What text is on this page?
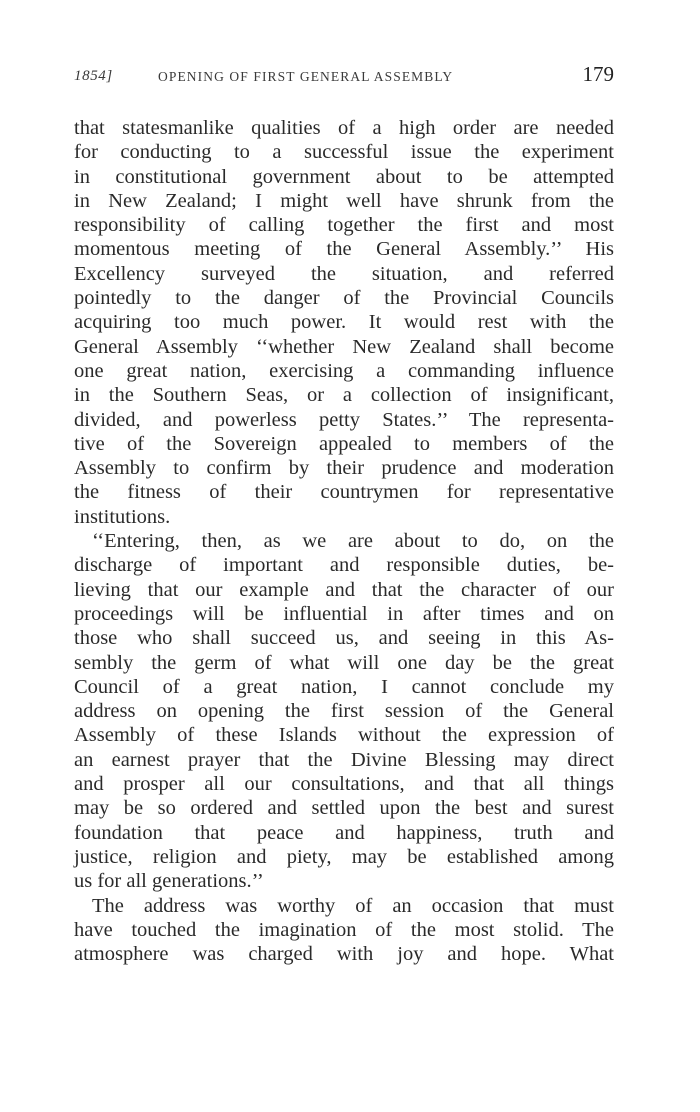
1854]	OPENING OF FIRST GENERAL ASSEMBLY	179
that statesmanlike qualities of a high order are needed
for conducting to a successful issue the experiment
in constitutional government about to be attempted
in New Zealand; I might well have shrunk from the
responsibility of calling together the first and most
momentous meeting of the General Assembly.’’ His
Excellency surveyed the situation, and referred
pointedly to the danger of the Provincial Councils
acquiring too much power. It would rest with the
General Assembly ‘‘whether New Zealand shall become
one great nation, exercising a commanding influence
in the Southern Seas, or a collection of insignificant,
divided, and powerless petty States.’’ The representa-
tive of the Sovereign appealed to members of the
Assembly to confirm by their prudence and moderation
the fitness of their countrymen for representative
institutions.
‘‘Entering, then, as we are about to do, on the
discharge of important and responsible duties, be-
lieving that our example and that the character of our
proceedings will be influential in after times and on
those who shall succeed us, and seeing in this As-
sembly the germ of what will one day be the great
Council of a great nation, I cannot conclude my
address on opening the first session of the General
Assembly of these Islands without the expression of
an earnest prayer that the Divine Blessing may direct
and prosper all our consultations, and that all things
may be so ordered and settled upon the best and surest
foundation that peace and happiness, truth and
justice, religion and piety, may be established among
us for all generations.’’
The address was worthy of an occasion that must
have touched the imagination of the most stolid. The
atmosphere was charged with joy and hope. What
